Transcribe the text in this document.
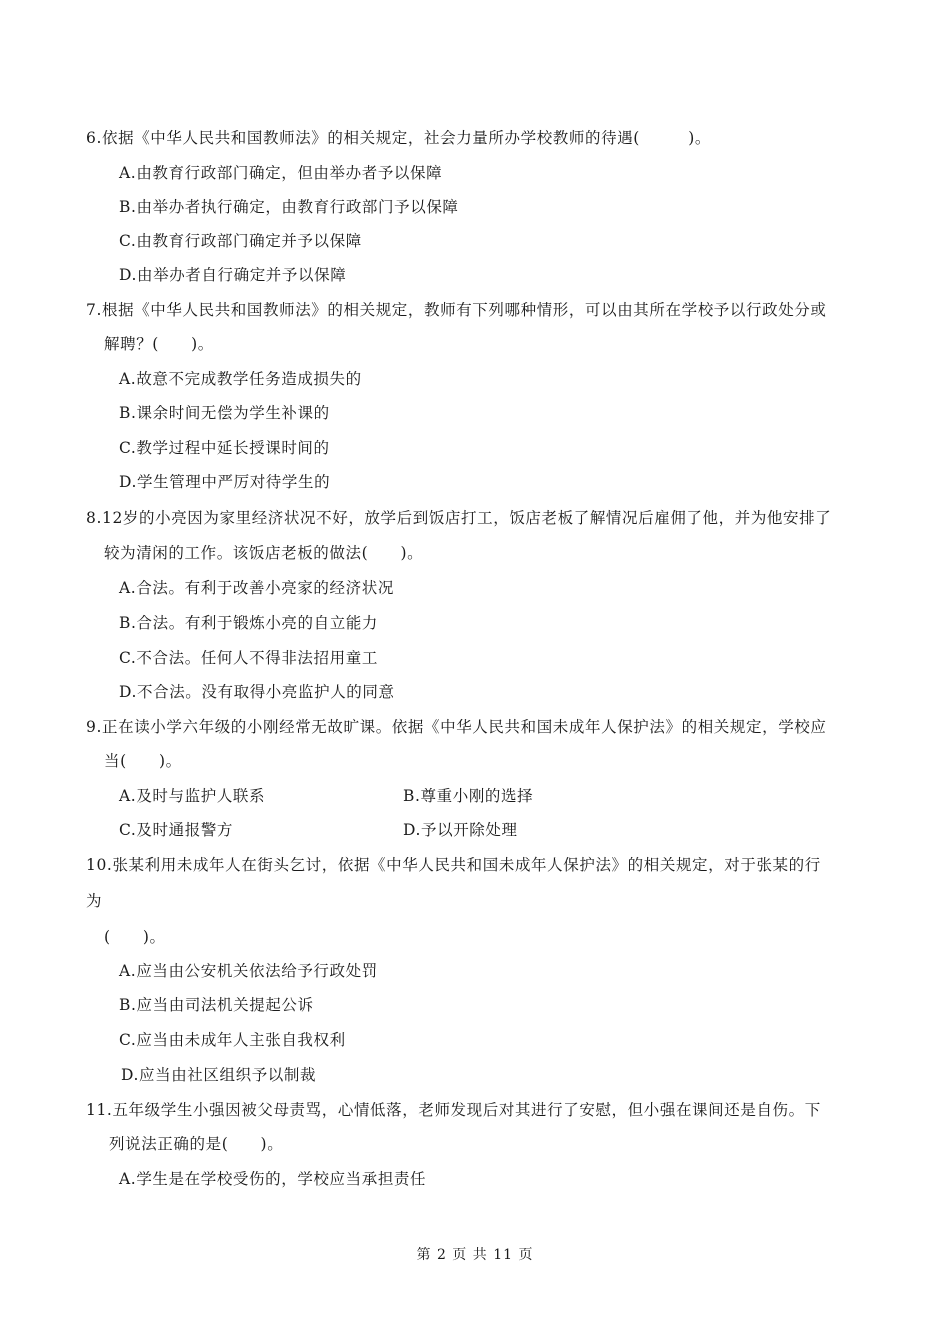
6.依据《中华人民共和国教师法》的相关规定，社会力量所办学校教师的待遇(　　　)。
A.由教育行政部门确定，但由举办者予以保障
B.由举办者执行确定，由教育行政部门予以保障
C.由教育行政部门确定并予以保障
D.由举办者自行确定并予以保障
7.根据《中华人民共和国教师法》的相关规定，教师有下列哪种情形，可以由其所在学校予以行政处分或
解聘？(　　)。
A.故意不完成教学任务造成损失的
B.课余时间无偿为学生补课的
C.教学过程中延长授课时间的
D.学生管理中严厉对待学生的
8.12岁的小亮因为家里经济状况不好，放学后到饭店打工，饭店老板了解情况后雇佣了他，并为他安排了
较为清闲的工作。该饭店老板的做法(　　)。
A.合法。有利于改善小亮家的经济状况
B.合法。有利于锻炼小亮的自立能力
C.不合法。任何人不得非法招用童工
D.不合法。没有取得小亮监护人的同意
9.正在读小学六年级的小刚经常无故旷课。依据《中华人民共和国未成年人保护法》的相关规定，学校应
当(　　)。
A.及时与监护人联系	B.尊重小刚的选择
C.及时通报警方	D.予以开除处理
10.张某利用未成年人在街头乞讨，依据《中华人民共和国未成年人保护法》的相关规定，对于张某的行
为
(　　)。
A.应当由公安机关依法给予行政处罚
B.应当由司法机关提起公诉
C.应当由未成年人主张自我权利
D.应当由社区组织予以制裁
11.五年级学生小强因被父母责骂，心情低落，老师发现后对其进行了安慰，但小强在课间还是自伤。下
列说法正确的是(　　)。
A.学生是在学校受伤的，学校应当承担责任
第 2 页 共 11 页
